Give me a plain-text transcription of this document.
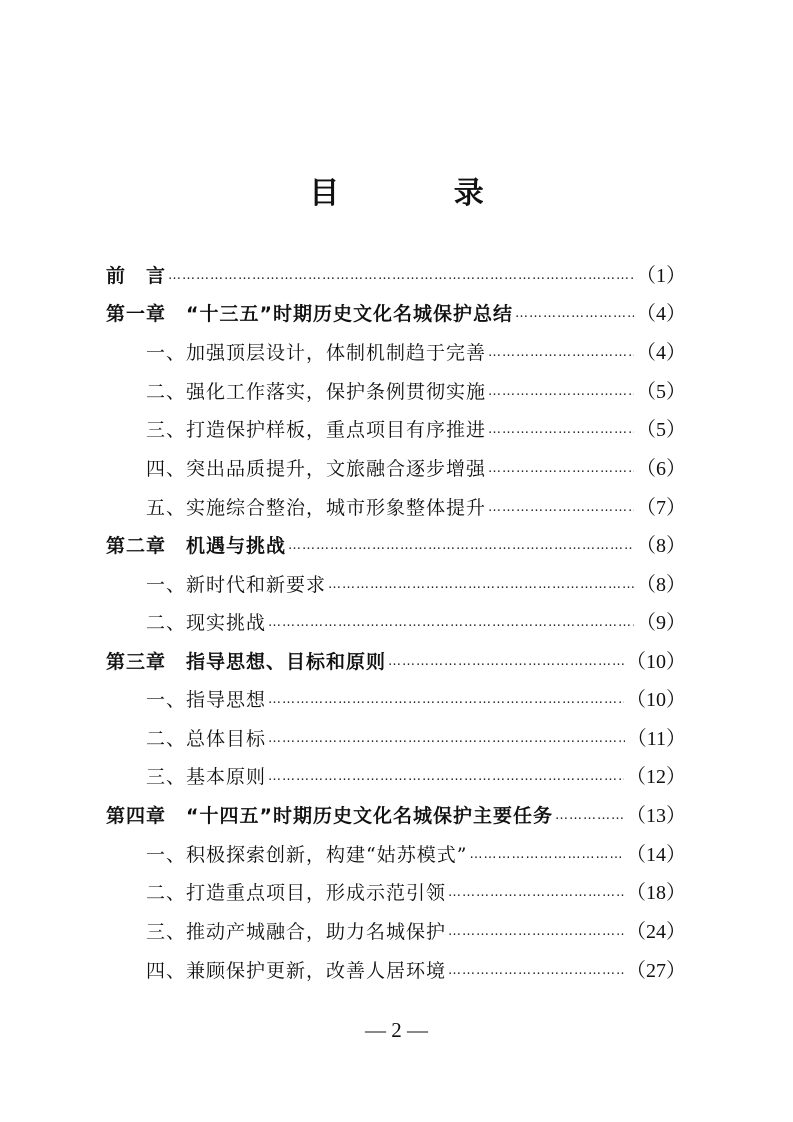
目 录
前　言 …………………………………………………………………………………………………………………………………………………	（1）
第一章　“十三五”时期历史文化名城保护总结 …………………………………………………………………………………………………………………………………………………	（4）
一、加强顶层设计，体制机制趋于完善 …………………………………………………………………………………………………………………………………………………	（4）
二、强化工作落实，保护条例贯彻实施 …………………………………………………………………………………………………………………………………………………	（5）
三、打造保护样板，重点项目有序推进 …………………………………………………………………………………………………………………………………………………	（5）
四、突出品质提升，文旅融合逐步增强 …………………………………………………………………………………………………………………………………………………	（6）
五、实施综合整治，城市形象整体提升 …………………………………………………………………………………………………………………………………………………	（7）
第二章　机遇与挑战 …………………………………………………………………………………………………………………………………………………	（8）
一、新时代和新要求 …………………………………………………………………………………………………………………………………………………	（8）
二、现实挑战 …………………………………………………………………………………………………………………………………………………	（9）
第三章　指导思想、目标和原则 …………………………………………………………………………………………………………………………………………………	（10）
一、指导思想 …………………………………………………………………………………………………………………………………………………	（10）
二、总体目标 …………………………………………………………………………………………………………………………………………………	（11）
三、基本原则 …………………………………………………………………………………………………………………………………………………	（12）
第四章　“十四五”时期历史文化名城保护主要任务 …………………………………………………………………………………………………………………………………………………	（13）
一、积极探索创新，构建“姑苏模式” …………………………………………………………………………………………………………………………………………………	（14）
二、打造重点项目，形成示范引领 …………………………………………………………………………………………………………………………………………………	（18）
三、推动产城融合，助力名城保护 …………………………………………………………………………………………………………………………………………………	（24）
四、兼顾保护更新，改善人居环境 …………………………………………………………………………………………………………………………………………………	（27）
— 2 —
